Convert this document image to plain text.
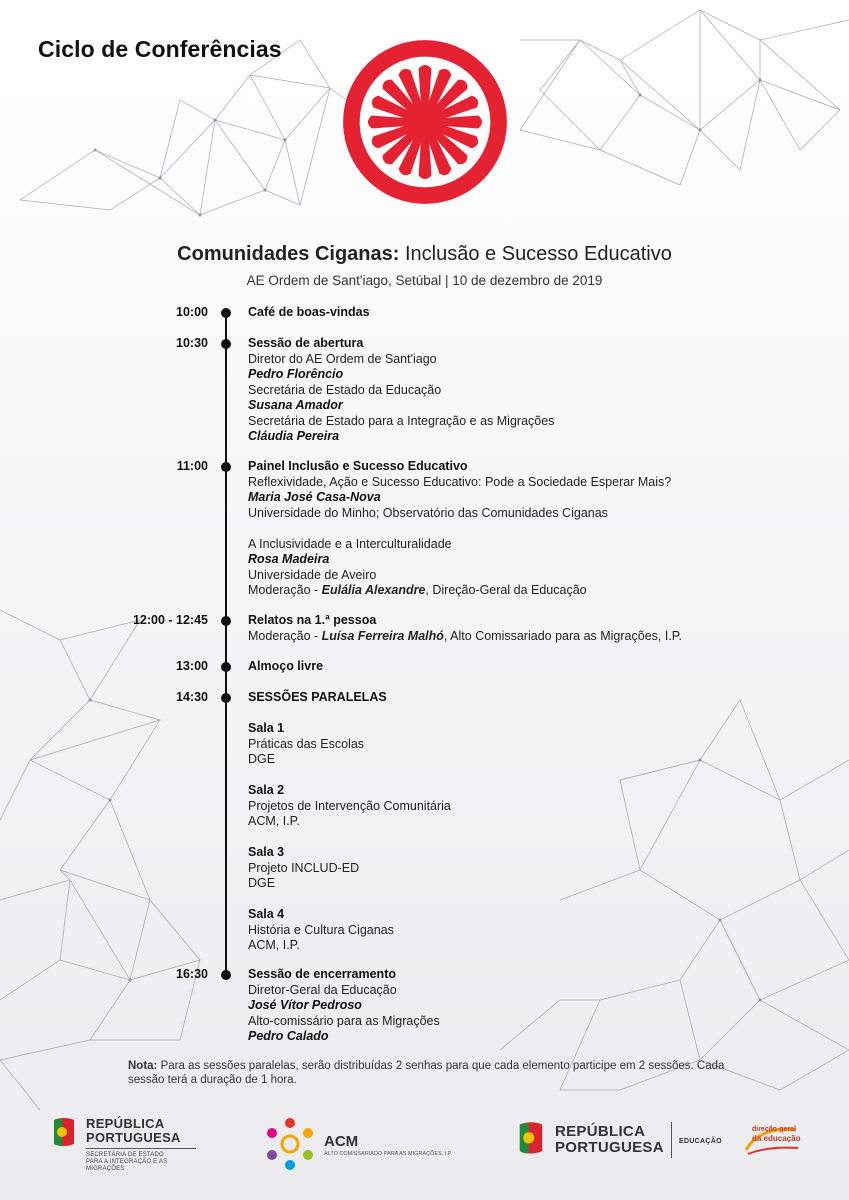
Ciclo de Conferências
Comunidades Ciganas: Inclusão e Sucesso Educativo
AE Ordem de Sant'iago, Setúbal | 10 de dezembro de 2019
10:00	Café de boas-vindas
10:30	Sessão de abertura
Diretor do AE Ordem de Sant'iago
Pedro Florêncio
Secretária de Estado da Educação
Susana Amador
Secretária de Estado para a Integração e as Migrações
Cláudia Pereira
11:00	Painel Inclusão e Sucesso Educativo
Reflexividade, Ação e Sucesso Educativo: Pode a Sociedade Esperar Mais?
Maria José Casa-Nova
Universidade do Minho; Observatório das Comunidades Ciganas
A Inclusividade e a Interculturalidade
Rosa Madeira
Universidade de Aveiro
Moderação - Eulália Alexandre, Direção-Geral da Educação
12:00 - 12:45	Relatos na 1.ª pessoa
Moderação - Luísa Ferreira Malhó, Alto Comissariado para as Migrações, I.P.
13:00	Almoço livre
14:30	SESSÕES PARALELAS
Sala 1
Práticas das Escolas
DGE
Sala 2
Projetos de Intervenção Comunitária
ACM, I.P.
Sala 3
Projeto INCLUD-ED
DGE
Sala 4
História e Cultura Ciganas
ACM, I.P.
16:30	Sessão de encerramento
Diretor-Geral da Educação
José Vítor Pedroso
Alto-comissário para as Migrações
Pedro Calado
Nota: Para as sessões paralelas, serão distribuídas 2 senhas para que cada elemento participe em 2 sessões. Cada sessão terá a duração de 1 hora.
REPÚBLICA
PORTUGUESA
SECRETÁRIA DE ESTADO
PARA A INTEGRAÇÃO E AS MIGRAÇÕES
ACM
ALTO COMISSARIADO PARA AS MIGRAÇÕES, I.P.
REPÚBLICA
PORTUGUESA EDUCAÇÃO
direção-geral
da educação
